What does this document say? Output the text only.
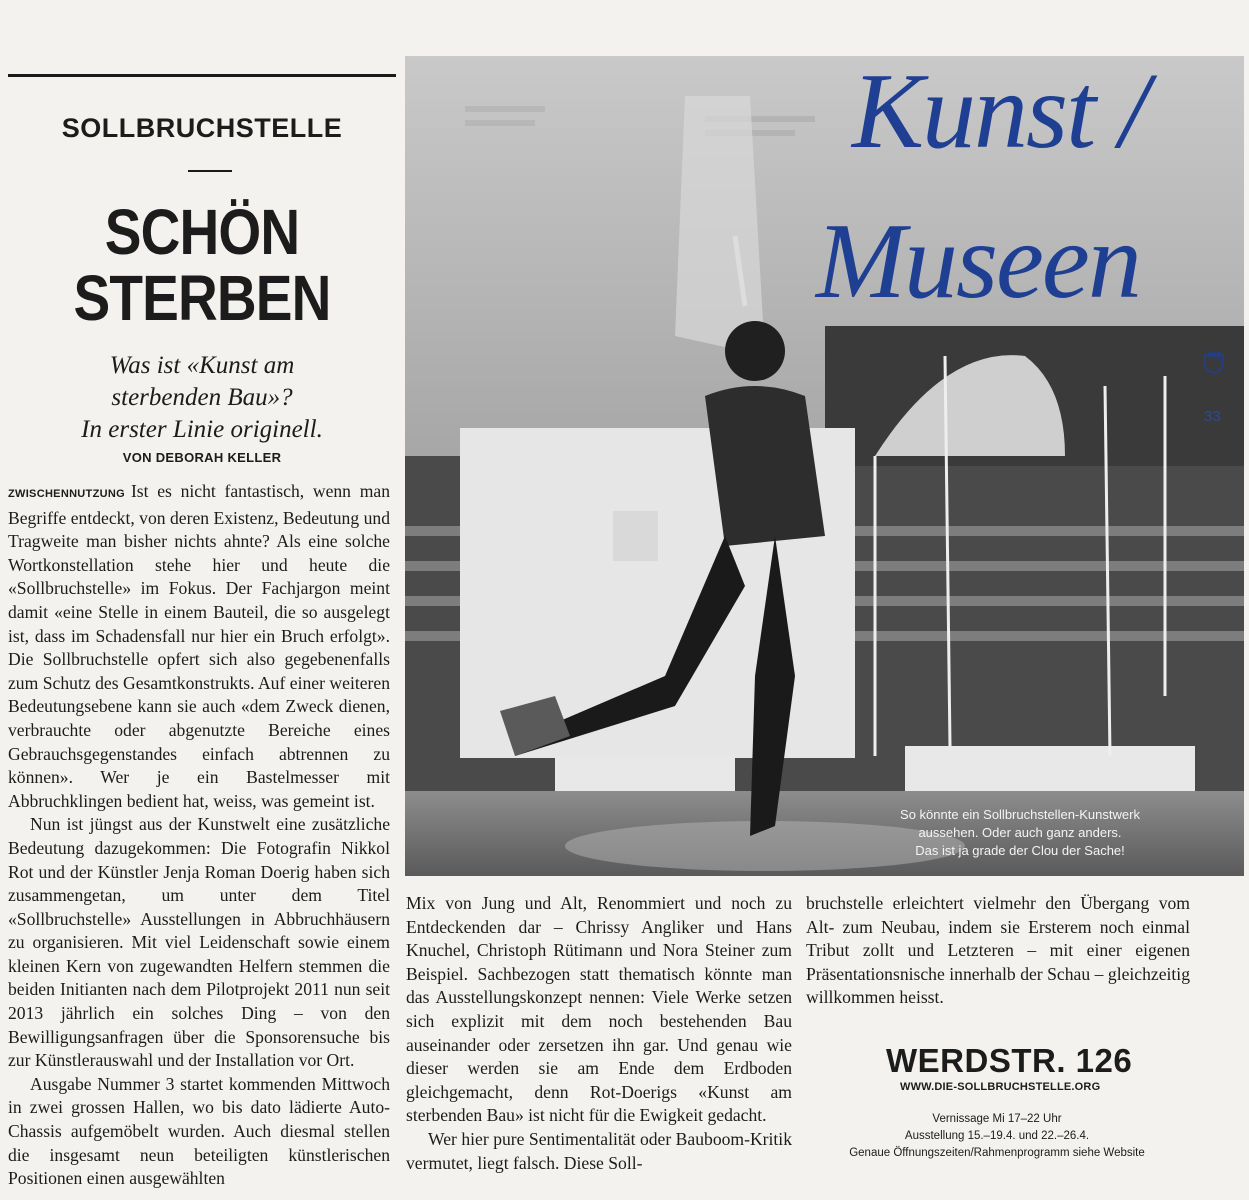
SOLLBRUCHSTELLE
SCHÖN
STERBEN
Was ist «Kunst am
sterbenden Bau»?
In erster Linie originell.
VON DEBORAH KELLER

ZWISCHENNUTZUNG Ist es nicht fantastisch, wenn man Begriffe entdeckt, von deren Existenz, Bedeutung und Tragweite man bisher nichts ahnte? Als eine solche Wortkonstellation stehe hier und heute die «Sollbruchstelle» im Fokus. Der Fachjargon meint damit «eine Stelle in einem Bauteil, die so ausgelegt ist, dass im Schadensfall nur hier ein Bruch erfolgt». Die Sollbruchstelle opfert sich also gegebenenfalls zum Schutz des Gesamtkonstrukts. Auf einer weiteren Bedeutungsebene kann sie auch «dem Zweck dienen, verbrauchte oder abgenutzte Bereiche eines Gebrauchsgegenstandes einfach abtrennen zu können». Wer je ein Bastelmesser mit Abbruchklingen bedient hat, weiss, was gemeint ist.

Nun ist jüngst aus der Kunstwelt eine zusätzliche Bedeutung dazugekommen: Die Fotografin Nikkol Rot und der Künstler Jenja Roman Doerig haben sich zusammengetan, um unter dem Titel «Sollbruchstelle» Ausstellungen in Abbruchhäusern zu organisieren. Mit viel Leidenschaft sowie einem kleinen Kern von zugewandten Helfern stemmen die beiden Initianten nach dem Pilotprojekt 2011 nun seit 2013 jährlich ein solches Ding – von den Bewilligungsanfragen über die Sponsorensuche bis zur Künstlerauswahl und der Installation vor Ort.

Ausgabe Nummer 3 startet kommenden Mittwoch in zwei grossen Hallen, wo bis dato lädierte Auto-Chassis aufgemöbelt wurden. Auch diesmal stellen die insgesamt neun beteiligten künstlerischen Positionen einen ausgewählten

So könnte ein Sollbruchstellen-Kunstwerk
aussehen. Oder auch ganz anders.
Das ist ja grade der Clou der Sache!
Kunst /
Museen
33

Mix von Jung und Alt, Renommiert und noch zu Entdeckenden dar – Chrissy Angliker und Hans Knuchel, Christoph Rütimann und Nora Steiner zum Beispiel. Sachbezogen statt thematisch könnte man das Ausstellungskonzept nennen: Viele Werke setzen sich explizit mit dem noch bestehenden Bau auseinander oder zersetzen ihn gar. Und genau wie dieser werden sie am Ende dem Erdboden gleichgemacht, denn Rot-Doerigs «Kunst am sterbenden Bau» ist nicht für die Ewigkeit gedacht.

Wer hier pure Sentimentalität oder Bauboom-Kritik vermutet, liegt falsch. Diese Soll-

bruchstelle erleichtert vielmehr den Übergang vom Alt- zum Neubau, indem sie Ersterem noch einmal Tribut zollt und Letzteren – mit einer eigenen Präsentationsnische innerhalb der Schau – gleichzeitig willkommen heisst.

WERDSTR. 126
WWW.DIE-SOLLBRUCHSTELLE.ORG
Vernissage Mi 17–22 Uhr
Ausstellung 15.–19.4. und 22.–26.4.
Genaue Öffnungszeiten/Rahmenprogramm siehe Website
